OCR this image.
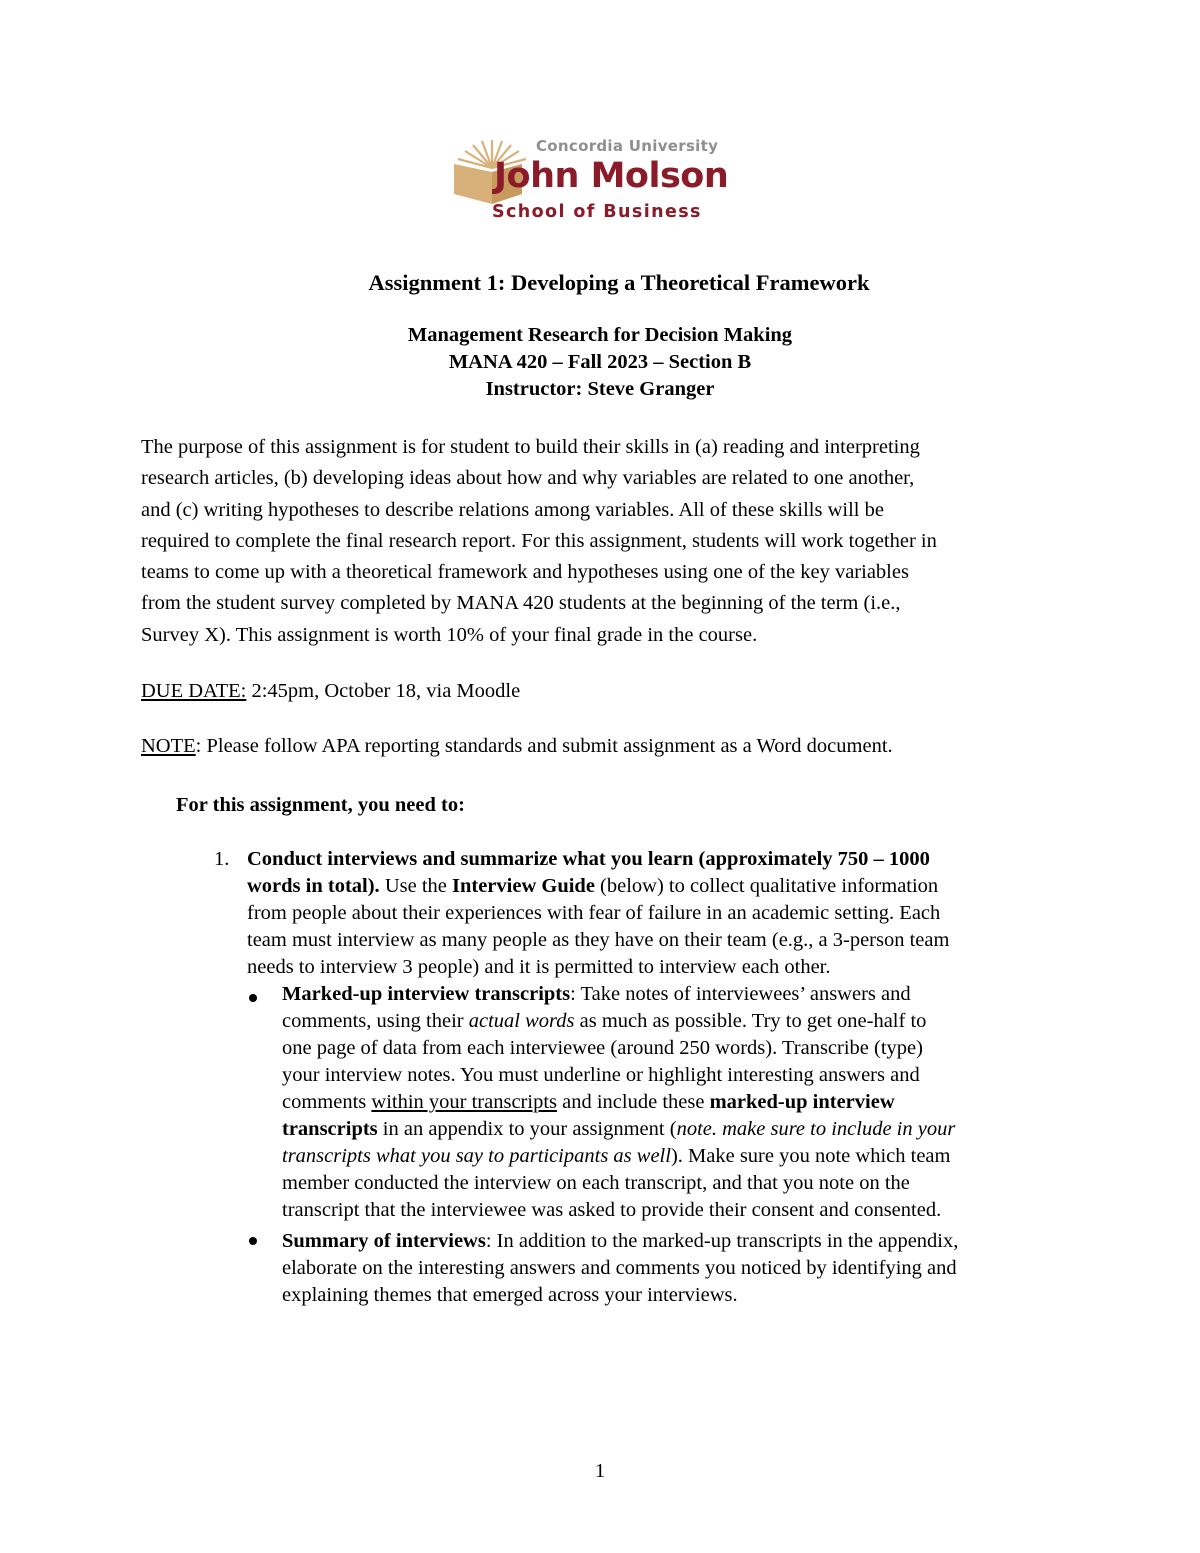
Concordia University
John Molson
School of Business
Assignment 1: Developing a Theoretical Framework
Management Research for Decision Making
MANA 420 – Fall 2023 – Section B
Instructor: Steve Granger
The purpose of this assignment is for student to build their skills in (a) reading and interpreting
research articles, (b) developing ideas about how and why variables are related to one another,
and (c) writing hypotheses to describe relations among variables. All of these skills will be
required to complete the final research report. For this assignment, students will work together in
teams to come up with a theoretical framework and hypotheses using one of the key variables
from the student survey completed by MANA 420 students at the beginning of the term (i.e.,
Survey X). This assignment is worth 10% of your final grade in the course.
DUE DATE: 2:45pm, October 18, via Moodle
NOTE: Please follow APA reporting standards and submit assignment as a Word document.
For this assignment, you need to:
1. Conduct interviews and summarize what you learn (approximately 750 – 1000
words in total). Use the Interview Guide (below) to collect qualitative information
from people about their experiences with fear of failure in an academic setting. Each
team must interview as many people as they have on their team (e.g., a 3-person team
needs to interview 3 people) and it is permitted to interview each other.
Marked-up interview transcripts: Take notes of interviewees’ answers and
comments, using their actual words as much as possible. Try to get one-half to
one page of data from each interviewee (around 250 words). Transcribe (type)
your interview notes. You must underline or highlight interesting answers and
comments within your transcripts and include these marked-up interview
transcripts in an appendix to your assignment (note. make sure to include in your
transcripts what you say to participants as well). Make sure you note which team
member conducted the interview on each transcript, and that you note on the
transcript that the interviewee was asked to provide their consent and consented.
Summary of interviews: In addition to the marked-up transcripts in the appendix,
elaborate on the interesting answers and comments you noticed by identifying and
explaining themes that emerged across your interviews.
1
